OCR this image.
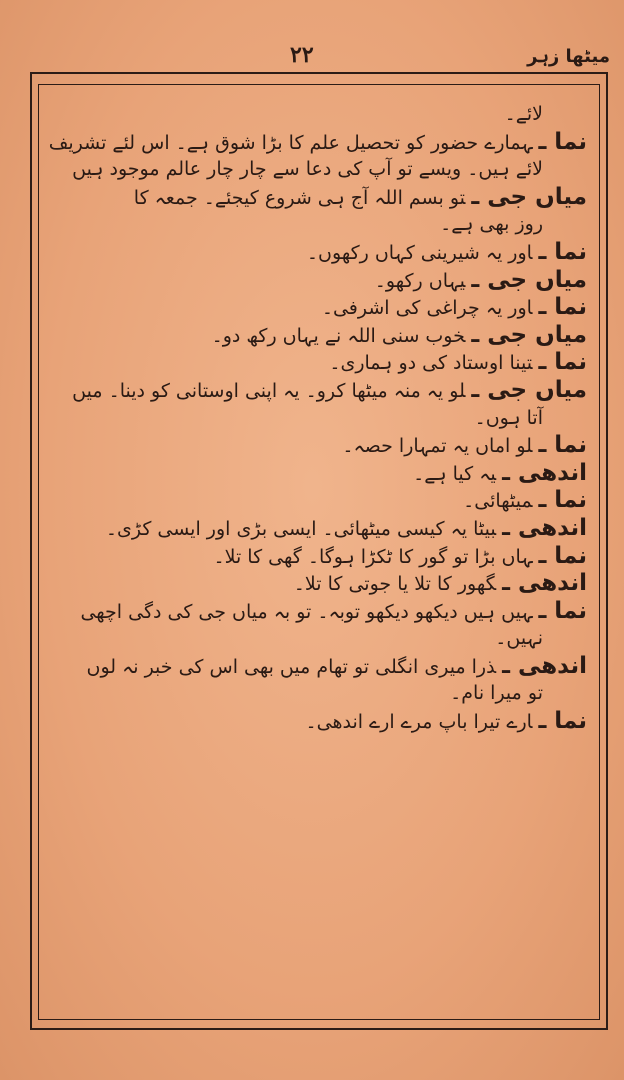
۲۲	میٹھا زہر
لائے۔
نما ـہمارے حضور کو تحصیل علم کا بڑا شوق ہے۔ اس لئے تشریف
لائے ہیں۔ ویسے تو آپ کی دعا سے چار چار عالم موجود ہیں
میاں جی ـتو بسم اللہ آج ہی شروع کیجئے۔ جمعہ کا
روز بھی ہے۔
نما ـاور یہ شیرینی کہاں رکھوں۔
میاں جی ـیہاں رکھو۔
نما ـاور یہ چراغی کی اشرفی۔
میاں جی ـخوب سنی اللہ نے یہاں رکھ دو۔
نما ـتینا اوستاد کی دو ہماری۔
میاں جی ـلو یہ منہ میٹھا کرو۔ یہ اپنی اوستانی کو دینا۔ میں
آتا ہوں۔
نما ـلو اماں یہ تمہارا حصہ۔
اندھی ـیہ کیا ہے۔
نما ـمیٹھائی۔
اندھی ـبیٹا یہ کیسی میٹھائی۔ ایسی بڑی اور ایسی کڑی۔
نما ـہاں بڑا تو گور کا ٹکڑا ہوگا۔ گھی کا تلا۔
اندھی ـگھور کا تلا یا جوتی کا تلا۔
نما ـہیں ہیں دیکھو دیکھو توبہ۔ تو بہ میاں جی کی دگی اچھی
نہیں۔
اندھی ـذرا میری انگلی تو تھام میں بھی اس کی خبر نہ لوں
تو میرا نام۔
نما ـارے تیرا باپ مرے ارے اندھی۔
